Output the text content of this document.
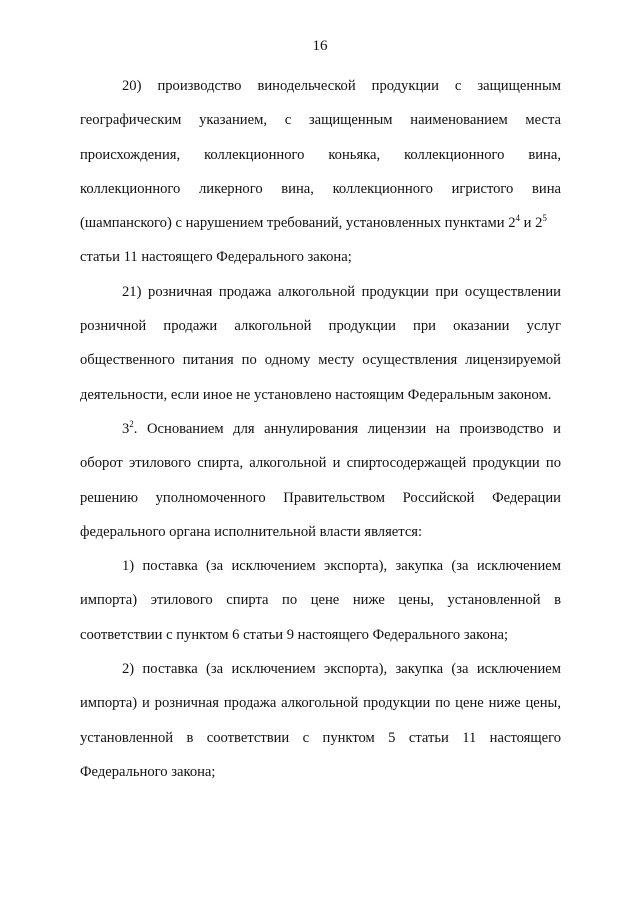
16
20) производство винодельческой продукции с защищенным
географическим указанием, с защищенным наименованием места
происхождения, коллекционного коньяка, коллекционного вина,
коллекционного ликерного вина, коллекционного игристого вина
(шампанского) с нарушением требований, установленных пунктами $2^4$ и $2^5$
статьи 11 настоящего Федерального закона;
21) розничная продажа алкогольной продукции при осуществлении
розничной продажи алкогольной продукции при оказании услуг
общественного питания по одному месту осуществления лицензируемой
деятельности, если иное не установлено настоящим Федеральным законом.
$3^2$. Основанием для аннулирования лицензии на производство и
оборот этилового спирта, алкогольной и спиртосодержащей продукции по
решению уполномоченного Правительством Российской Федерации
федерального органа исполнительной власти является:
1) поставка (за исключением экспорта), закупка (за исключением
импорта) этилового спирта по цене ниже цены, установленной в
соответствии с пунктом 6 статьи 9 настоящего Федерального закона;
2) поставка (за исключением экспорта), закупка (за исключением
импорта) и розничная продажа алкогольной продукции по цене ниже цены,
установленной в соответствии с пунктом 5 статьи 11 настоящего
Федерального закона;
